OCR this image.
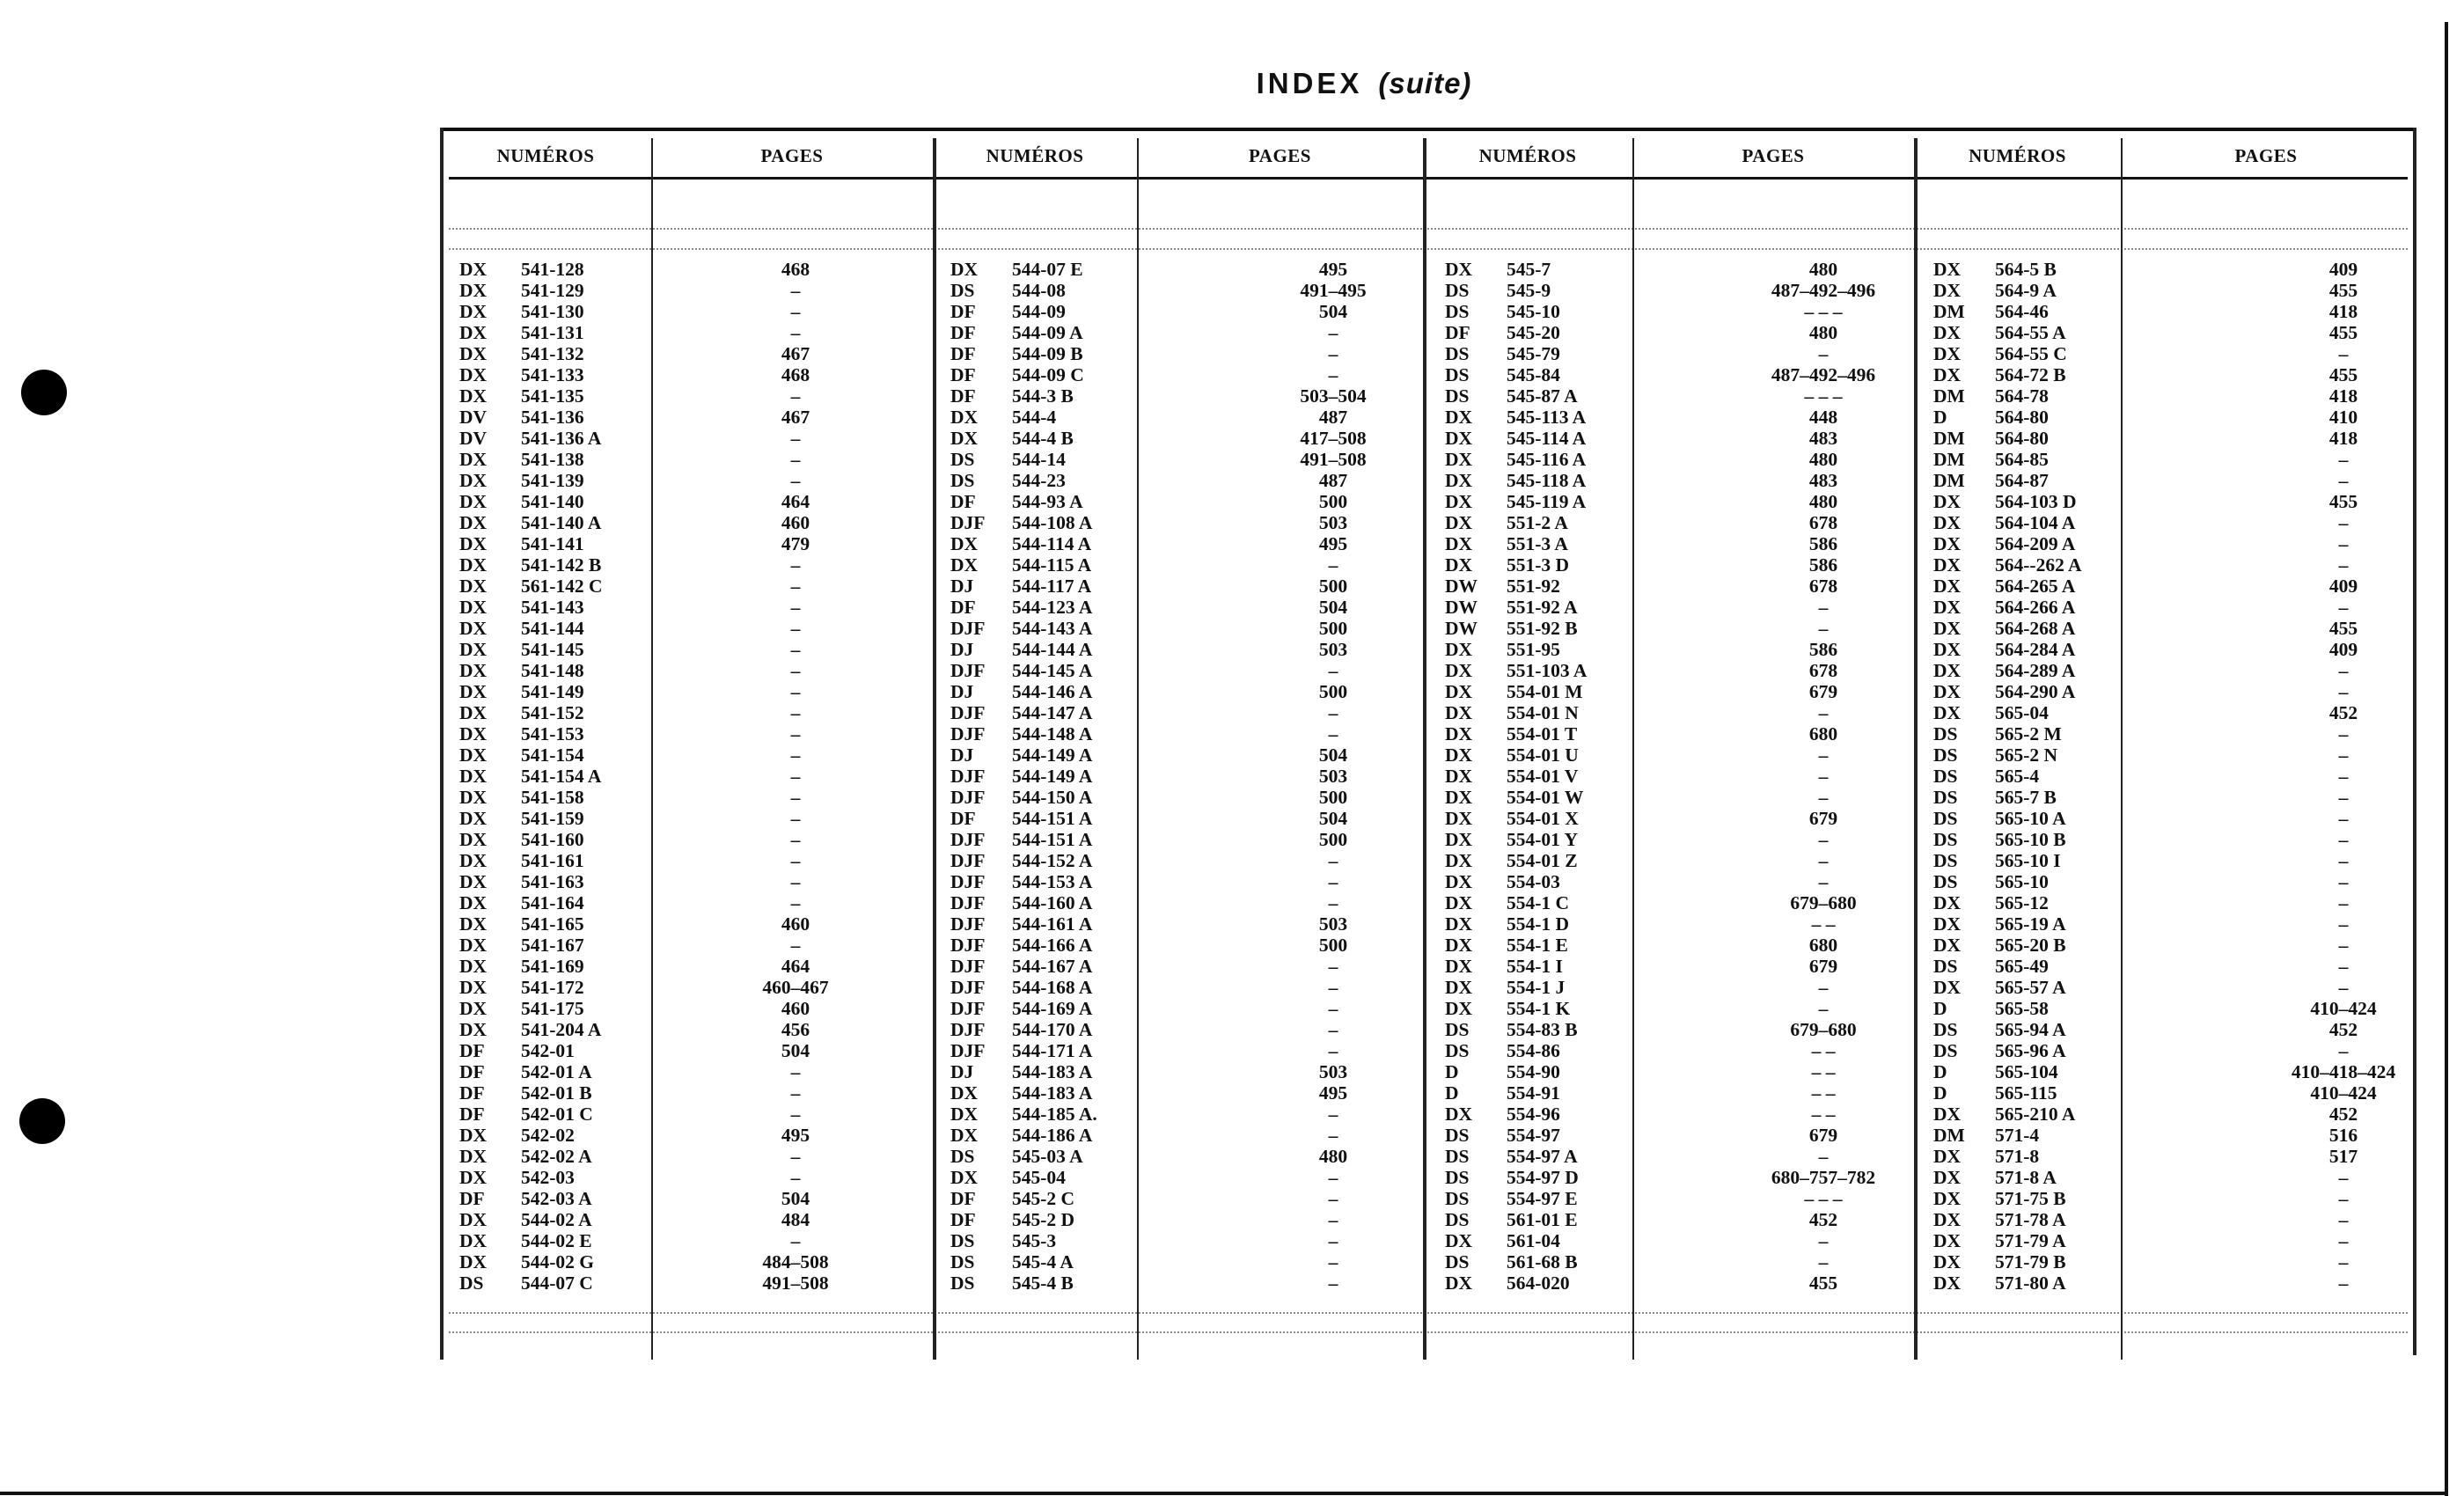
INDEX (suite)
NUMÉROS	PAGES	NUMÉROS	PAGES	NUMÉROS	PAGES	NUMÉROS	PAGES
DX 541-128	468
DX 541-129	–
DX 541-130	–
DX 541-131	–
DX 541-132	467
DX 541-133	468
DX 541-135	–
DV 541-136	467
DV 541-136 A	–
DX 541-138	–
DX 541-139	–
DX 541-140	464
DX 541-140 A	460
DX 541-141	479
DX 541-142 B	–
DX 561-142 C	–
DX 541-143	–
DX 541-144	–
DX 541-145	–
DX 541-148	–
DX 541-149	–
DX 541-152	–
DX 541-153	–
DX 541-154	–
DX 541-154 A	–
DX 541-158	–
DX 541-159	–
DX 541-160	–
DX 541-161	–
DX 541-163	–
DX 541-164	–
DX 541-165	460
DX 541-167	–
DX 541-169	464
DX 541-172	460–467
DX 541-175	460
DX 541-204 A	456
DF 542-01	504
DF 542-01 A	–
DF 542-01 B	–
DF 542-01 C	–
DX 542-02	495
DX 542-02 A	–
DX 542-03	–
DF 542-03 A	504
DX 544-02 A	484
DX 544-02 E	–
DX 544-02 G	484–508
DS 544-07 C	491–508
DX 544-07 E	495
DS 544-08	491–495
DF 544-09	504
DF 544-09 A	–
DF 544-09 B	–
DF 544-09 C	–
DF 544-3 B	503–504
DX 544-4	487
DX 544-4 B	417–508
DS 544-14	491–508
DS 544-23	487
DF 544-93 A	500
DJF 544-108 A	503
DX 544-114 A	495
DX 544-115 A	–
DJ 544-117 A	500
DF 544-123 A	504
DJF 544-143 A	500
DJ 544-144 A	503
DJF 544-145 A	–
DJ 544-146 A	500
DJF 544-147 A	–
DJF 544-148 A	–
DJ 544-149 A	504
DJF 544-149 A	503
DJF 544-150 A	500
DF 544-151 A	504
DJF 544-151 A	500
DJF 544-152 A	–
DJF 544-153 A	–
DJF 544-160 A	–
DJF 544-161 A	503
DJF 544-166 A	500
DJF 544-167 A	–
DJF 544-168 A	–
DJF 544-169 A	–
DJF 544-170 A	–
DJF 544-171 A	–
DJ 544-183 A	503
DX 544-183 A	495
DX 544-185 A.	–
DX 544-186 A	–
DS 545-03 A	480
DX 545-04	–
DF 545-2 C	–
DF 545-2 D	–
DS 545-3	–
DS 545-4 A	–
DS 545-4 B	–
DX 545-7	480
DS 545-9	487–492–496
DS 545-10	– – –
DF 545-20	480
DS 545-79	–
DS 545-84	487–492–496
DS 545-87 A	– – –
DX 545-113 A	448
DX 545-114 A	483
DX 545-116 A	480
DX 545-118 A	483
DX 545-119 A	480
DX 551-2 A	678
DX 551-3 A	586
DX 551-3 D	586
DW 551-92	678
DW 551-92 A	–
DW 551-92 B	–
DX 551-95	586
DX 551-103 A	678
DX 554-01 M	679
DX 554-01 N	–
DX 554-01 T	680
DX 554-01 U	–
DX 554-01 V	–
DX 554-01 W	–
DX 554-01 X	679
DX 554-01 Y	–
DX 554-01 Z	–
DX 554-03	–
DX 554-1 C	679–680
DX 554-1 D	– –
DX 554-1 E	680
DX 554-1 I	679
DX 554-1 J	–
DX 554-1 K	–
DS 554-83 B	679–680
DS 554-86	– –
D	554-90	– –
D	554-91	– –
DX 554-96	– –
DS 554-97	679
DS 554-97 A	–
DS 554-97 D	680–757–782
DS 554-97 E	– – –
DS 561-01 E	452
DX 561-04	–
DS 561-68 B	–
DX 564-020	455
DX 564-5 B	409
DX 564-9 A	455
DM 564-46	418
DX 564-55 A	455
DX 564-55 C	–
DX 564-72 B	455
DM 564-78	418
D	564-80	410
DM 564-80	418
DM 564-85	–
DM 564-87	–
DX 564-103 D	455
DX 564-104 A	–
DX 564-209 A	–
DX 564--262 A	–
DX 564-265 A	409
DX 564-266 A	–
DX 564-268 A	455
DX 564-284 A	409
DX 564-289 A	–
DX 564-290 A	–
DX 565-04	452
DS 565-2 M	–
DS 565-2 N	–
DS 565-4	–
DS 565-7 B	–
DS 565-10 A	–
DS 565-10 B	–
DS 565-10 I	–
DS 565-10	–
DX 565-12	–
DX 565-19 A	–
DX 565-20 B	–
DS 565-49	–
DX 565-57 A	–
D	565-58	410–424
DS 565-94 A	452
DS 565-96 A	–
D	565-104	410–418–424
D	565-115	410–424
DX 565-210 A	452
DM 571-4	516
DX 571-8	517
DX 571-8 A	–
DX 571-75 B	–
DX 571-78 A	–
DX 571-79 A	–
DX 571-79 B	–
DX 571-80 A	–
